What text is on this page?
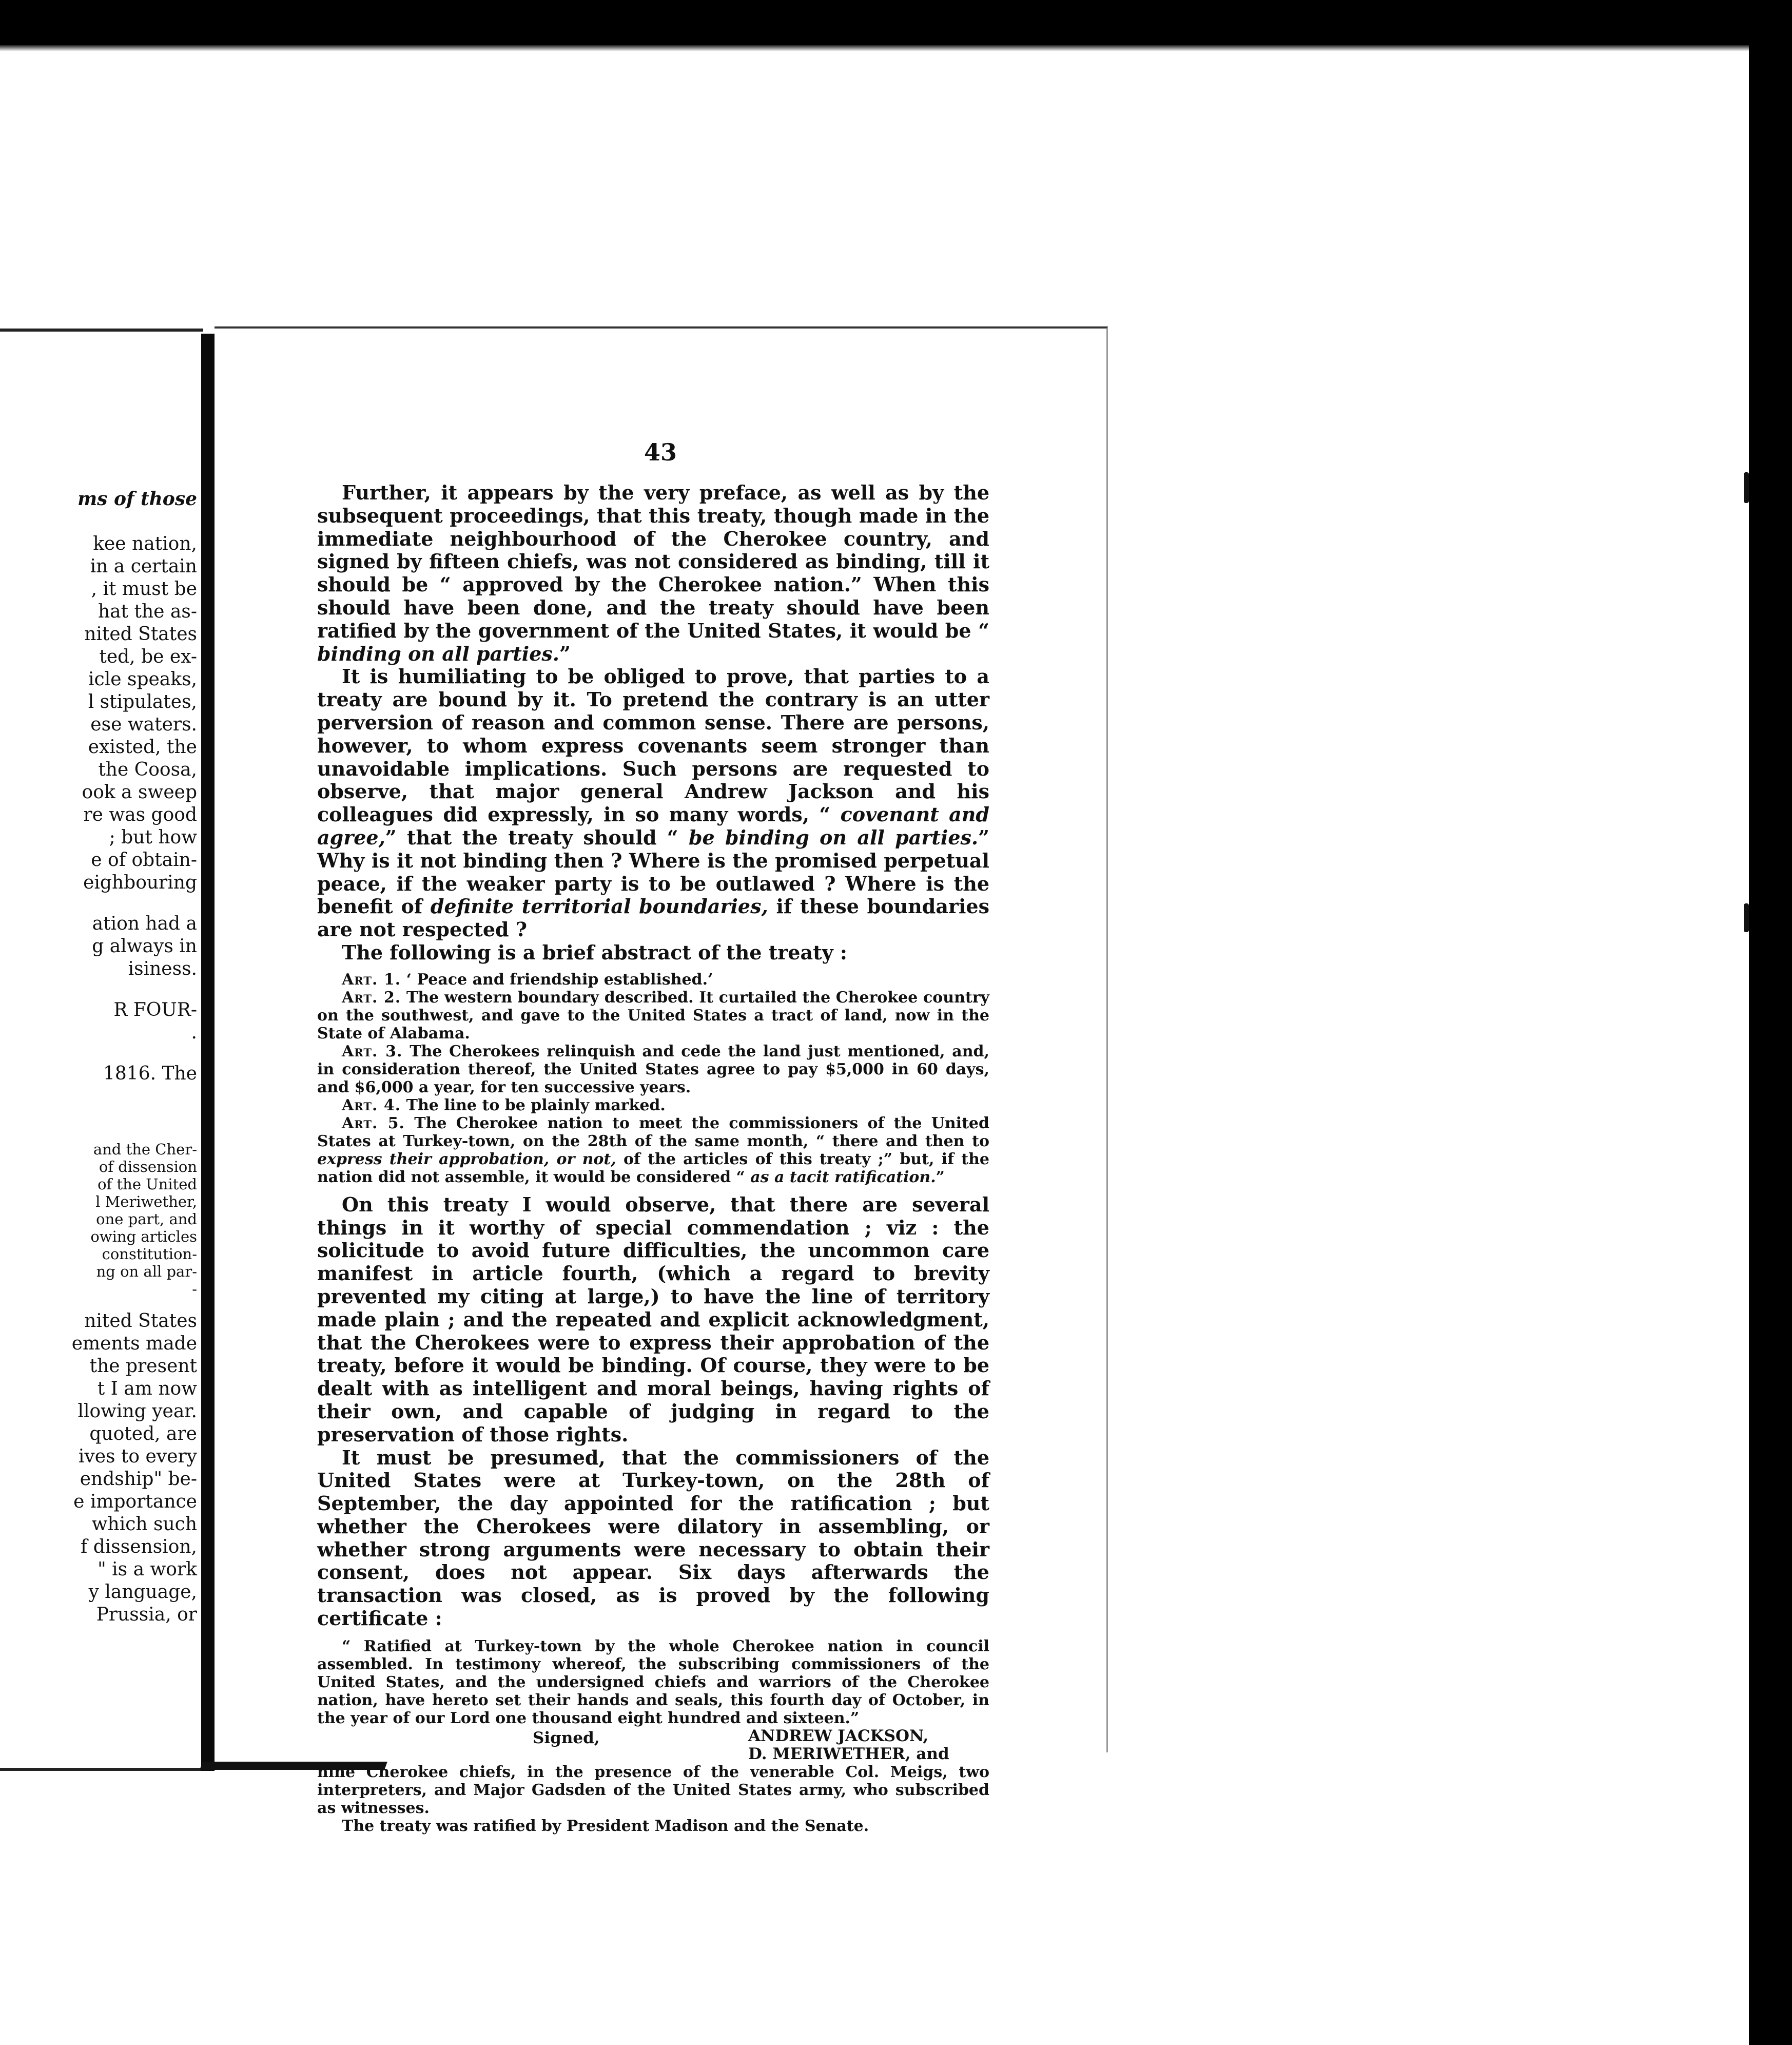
ms of those
kee nation,
in a certain
, it must be
hat the as-
nited States
ted, be ex-
icle speaks,
l stipulates,
ese waters.
existed, the
the Coosa,
ook a sweep
re was good
; but how
e of obtain-
eighbouring
ation had a
g always in
isiness.
R FOUR-
.
1816. The
and the Cher-
of dissension
of the United
l Meriwether,
one part, and
owing articles
constitution-
ng on all par-
-
nited States
ements made
the present
t I am now
llowing year.
quoted, are
ives to every
endship" be-
e importance
which such
f dissension,
" is a work
y language,
Prussia, or
43

Further, it appears by the very preface, as well as by the subsequent proceedings, that this treaty, though made in the immediate neighbourhood of the Cherokee country, and signed by fifteen chiefs, was not considered as binding, till it should be “ approved by the Cherokee nation.” When this should have been done, and the treaty should have been ratified by the government of the United States, it would be “ binding on all parties.”

It is humiliating to be obliged to prove, that parties to a treaty are bound by it. To pretend the contrary is an utter perversion of reason and common sense. There are persons, however, to whom express covenants seem stronger than unavoidable implications. Such persons are requested to observe, that major general Andrew Jackson and his colleagues did expressly, in so many words, “ covenant and agree,” that the treaty should “ be binding on all parties.” Why is it not binding then ? Where is the promised perpetual peace, if the weaker party is to be outlawed ? Where is the benefit of definite territorial boundaries, if these boundaries are not respected ?

The following is a brief abstract of the treaty :

Art. 1. ‘ Peace and friendship established.’

Art. 2. The western boundary described. It curtailed the Cherokee country on the southwest, and gave to the United States a tract of land, now in the State of Alabama.

Art. 3. The Cherokees relinquish and cede the land just mentioned, and, in consideration thereof, the United States agree to pay $5,000 in 60 days, and $6,000 a year, for ten successive years.

Art. 4. The line to be plainly marked.

Art. 5. The Cherokee nation to meet the commissioners of the United States at Turkey-town, on the 28th of the same month, “ there and then to express their approbation, or not, of the articles of this treaty ;” but, if the nation did not assemble, it would be considered “ as a tacit ratification.”

On this treaty I would observe, that there are several things in it worthy of special commendation ; viz : the solicitude to avoid future difficulties, the uncommon care manifest in article fourth, (which a regard to brevity prevented my citing at large,) to have the line of territory made plain ; and the repeated and explicit acknowledgment, that the Cherokees were to express their approbation of the treaty, before it would be binding. Of course, they were to be dealt with as intelligent and moral beings, having rights of their own, and capable of judging in regard to the preservation of those rights.

It must be presumed, that the commissioners of the United States were at Turkey-town, on the 28th of September, the day appointed for the ratification ; but whether the Cherokees were dilatory in assembling, or whether strong arguments were necessary to obtain their consent, does not appear. Six days afterwards the transaction was closed, as is proved by the following certificate :

“ Ratified at Turkey-town by the whole Cherokee nation in council assembled. In testimony whereof, the subscribing commissioners of the United States, and the undersigned chiefs and warriors of the Cherokee nation, have hereto set their hands and seals, this fourth day of October, in the year of our Lord one thousand eight hundred and sixteen.”

Signed,	ANDREW JACKSON,
D. MERIWETHER, and

nine Cherokee chiefs, in the presence of the venerable Col. Meigs, two interpreters, and Major Gadsden of the United States army, who subscribed as witnesses.

The treaty was ratified by President Madison and the Senate.
